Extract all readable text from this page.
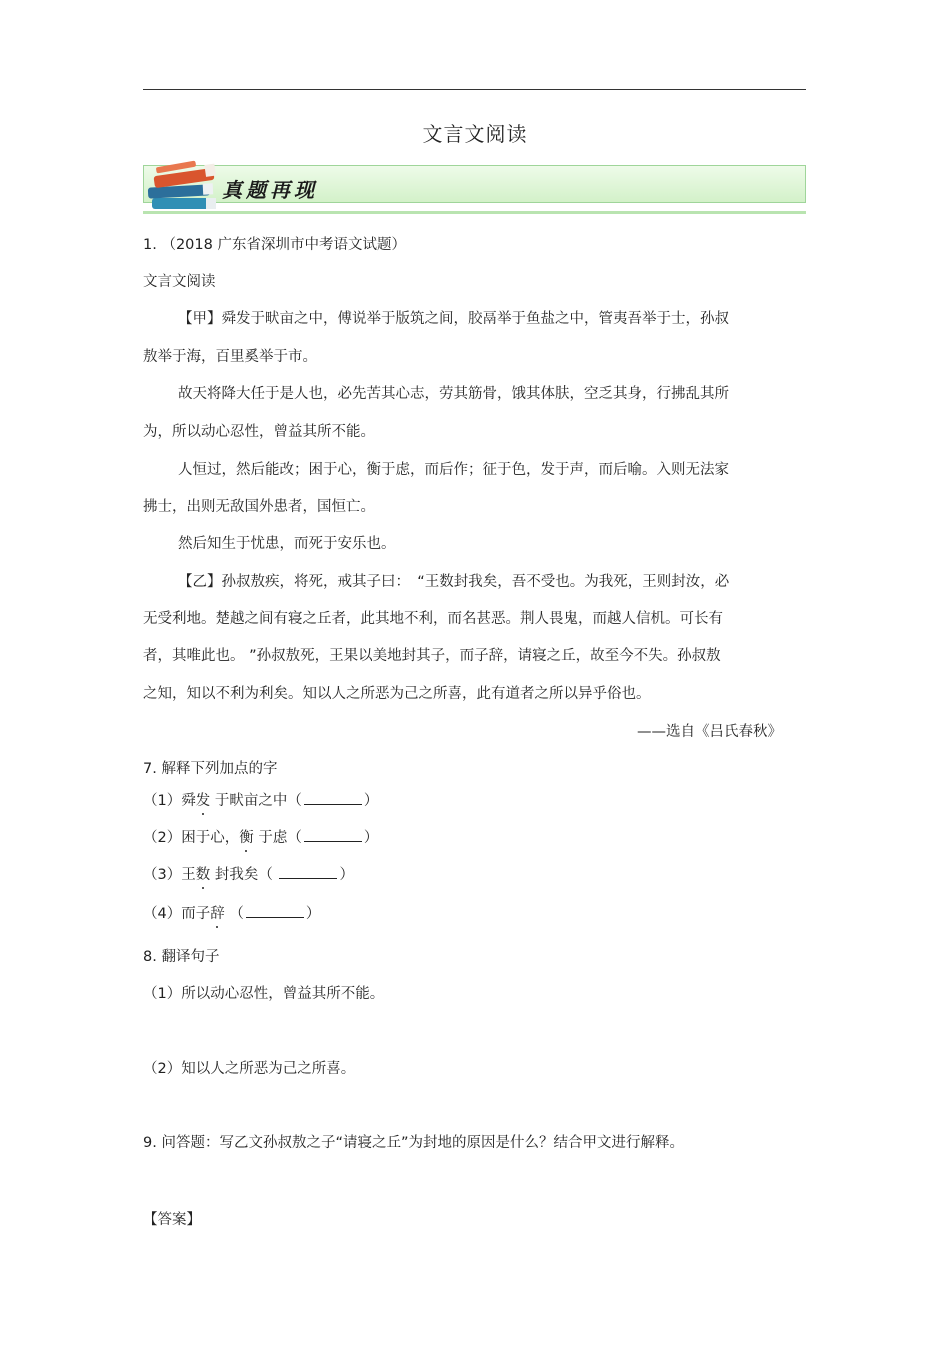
文言文阅读
真题再现
1. （2018 广东省深圳市中考语文试题）
文言文阅读
【甲】舜发于畎亩之中，傅说举于版筑之间，胶鬲举于鱼盐之中，管夷吾举于士，孙叔
敖举于海，百里奚举于市。
故天将降大任于是人也，必先苦其心志，劳其筋骨，饿其体肤，空乏其身，行拂乱其所
为，所以动心忍性，曾益其所不能。
人恒过，然后能改；困于心，衡于虑，而后作；征于色，发于声，而后喻。入则无法家
拂士，出则无敌国外患者，国恒亡。
然后知生于忧患，而死于安乐也。
【乙】孙叔敖疾，将死，戒其子曰：　“王数封我矣，吾不受也。为我死，王则封汝，必
无受利地。楚越之间有寝之丘者，此其地不利，而名甚恶。荆人畏鬼，而越人信机。可长有
者，其唯此也。 ”孙叔敖死，王果以美地封其子，而子辞，请寝之丘，故至今不失。孙叔敖
之知，知以不利为利矣。知以人之所恶为己之所喜，此有道者之所以异乎俗也。
——选自《吕氏春秋》
7. 解释下列加点的字
（1）舜发 于畎亩之中（	）
（2）困于心，衡 于虑（	）
（3）王数 封我矣（	）
（4）而子辞 （	）
8. 翻译句子
（1）所以动心忍性，曾益其所不能。
（2）知以人之所恶为己之所喜。
9. 问答题：写乙文孙叔敖之子“请寝之丘”为封地的原因是什么？结合甲文进行解释。
【答案】
